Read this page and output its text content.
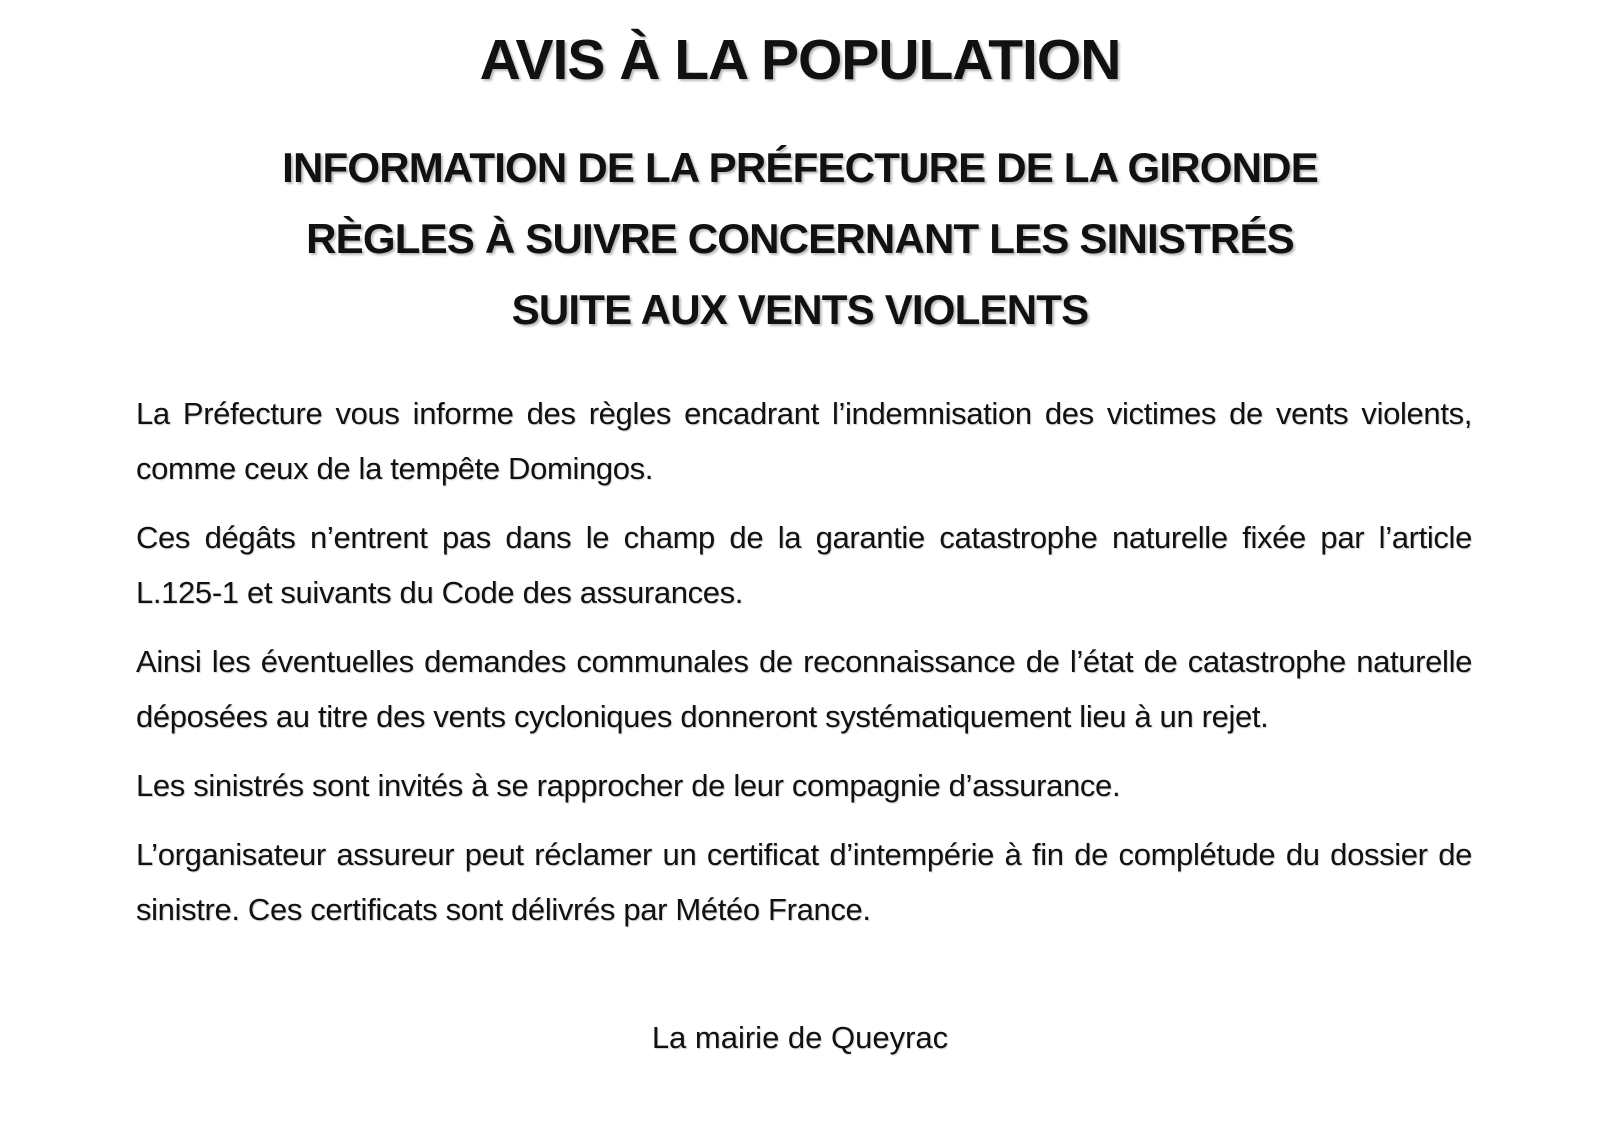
AVIS À LA POPULATION
INFORMATION DE LA PRÉFECTURE DE LA GIRONDE
RÈGLES À SUIVRE CONCERNANT LES SINISTRÉS
SUITE AUX VENTS VIOLENTS

La Préfecture vous informe des règles encadrant l’indemnisation des victimes de vents violents, comme ceux de la tempête Domingos.

Ces dégâts n’entrent pas dans le champ de la garantie catastrophe naturelle fixée par l’article L.125-1 et suivants du Code des assurances.

Ainsi les éventuelles demandes communales de reconnaissance de l’état de catastrophe naturelle déposées au titre des vents cycloniques donneront systématiquement lieu à un rejet.

Les sinistrés sont invités à se rapprocher de leur compagnie d’assurance.

L’organisateur assureur peut réclamer un certificat d’intempérie à fin de complétude du dossier de sinistre. Ces certificats sont délivrés par Météo France.

La mairie de Queyrac
